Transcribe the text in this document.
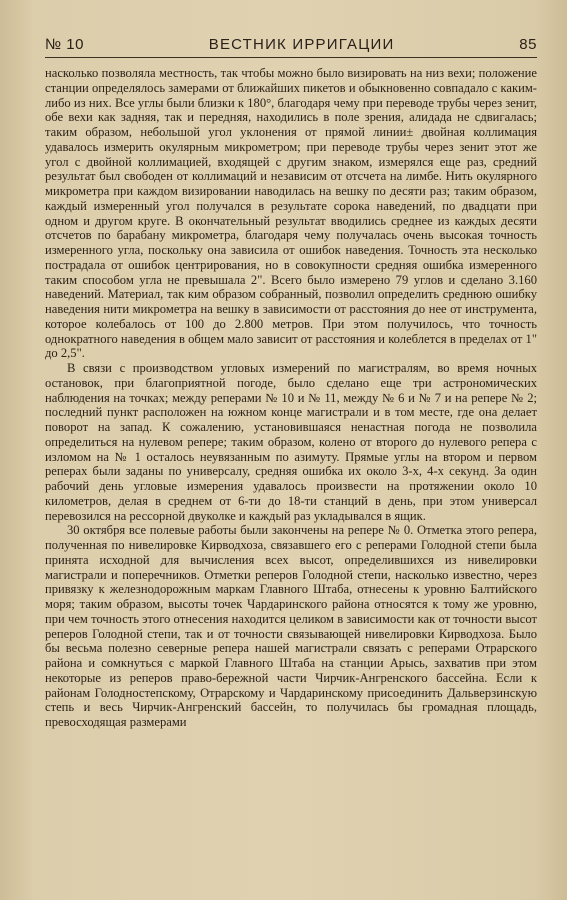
№ 10	ВЕСТНИК ИРРИГАЦИИ	85

насколько позволяла местность, так чтобы можно было визировать на низ вехи; положение станции определялось замерами от ближайших пикетов и обыкновенно совпадало с каким-либо из них. Все углы были близки к 180°, благодаря чему при переводе трубы через зенит, обе вехи как задняя, так и передняя, находились в поле зрения, алидада не сдвигалась; таким образом, небольшой угол уклонения от прямой линии± двойная коллимация удавалось измерить окулярным микрометром; при переводе трубы через зенит этот же угол с двойной коллимацией, входящей с другим знаком, измерялся еще раз, средний результат был свободен от коллимаций и независим от отсчета на лимбе. Нить окулярного микрометра при каждом визировании наводилась на вешку по десяти раз; таким образом, каждый измеренный угол получался в результате сорока наведений, по двадцати при одном и другом круге. В окончательный результат вводились среднее из каждых десяти отсчетов по барабану микрометра, благодаря чему получалась очень высокая точность измеренного угла, поскольку она зависила от ошибок наведения. Точность эта несколько пострадала от ошибок центрирования, но в совокупности средняя ошибка измеренного таким способом угла не превышала 2". Всего было измерено 79 углов и сделано 3.160 наведений. Материал, так ким образом собранный, позволил определить среднюю ошибку наведения нити микрометра на вешку в зависимости от расстояния до нее от инструмента, которое колебалось от 100 до 2.800 метров. При этом получилось, что точность однократного наведения в общем мало зависит от расстояния и колеблется в пределах от 1" до 2,5".

В связи с производством угловых измерений по магистралям, во время ночных остановок, при благоприятной погоде, было сделано еще три астрономических наблюдения на точках; между реперами № 10 и № 11, между № 6 и № 7 и на репере № 2; последний пункт расположен на южном конце магистрали и в том месте, где она делает поворот на запад. К сожалению, установившаяся ненастная погода не позволила определиться на нулевом репере; таким образом, колено от второго до нулевого репера с изломом на № 1 осталось неувязанным по азимуту. Прямые углы на втором и первом реперах были заданы по универсалу, средняя ошибка их около 3-х, 4-х секунд. За один рабочий день угловые измерения удавалось произвести на протяжении около 10 километров, делая в среднем от 6-ти до 18-ти станций в день, при этом универсал перевозился на рессорной двуколке и каждый раз укладывался в ящик.

30 октября все полевые работы были закончены на репере № 0. Отметка этого репера, полученная по нивелировке Кирводхоза, связавшего его с реперами Голодной степи была принята исходной для вычисления всех высот, определившихся из нивелировки магистрали и поперечников. Отметки реперов Голодной степи, насколько известно, через привязку к железнодорожным маркам Главного Штаба, отнесены к уровню Балтийского моря; таким образом, высоты точек Чардаринского района относятся к тому же уровню, при чем точность этого отнесения находится целиком в зависимости как от точности высот реперов Голодной степи, так и от точности связывающей нивелировки Кирводхоза. Было бы весьма полезно северные репера нашей магистрали связать с реперами Отрарского района и сомкнуться с маркой Главного Штаба на станции Арысь, захватив при этом некоторые из реперов право-бережной части Чирчик-Ангренского бассейна. Если к районам Голодностепскому, Отрарскому и Чардаринскому присоединить Дальверзинскую степь и весь Чирчик-Ангренский бассейн, то получилась бы громадная площадь, превосходящая размерами
